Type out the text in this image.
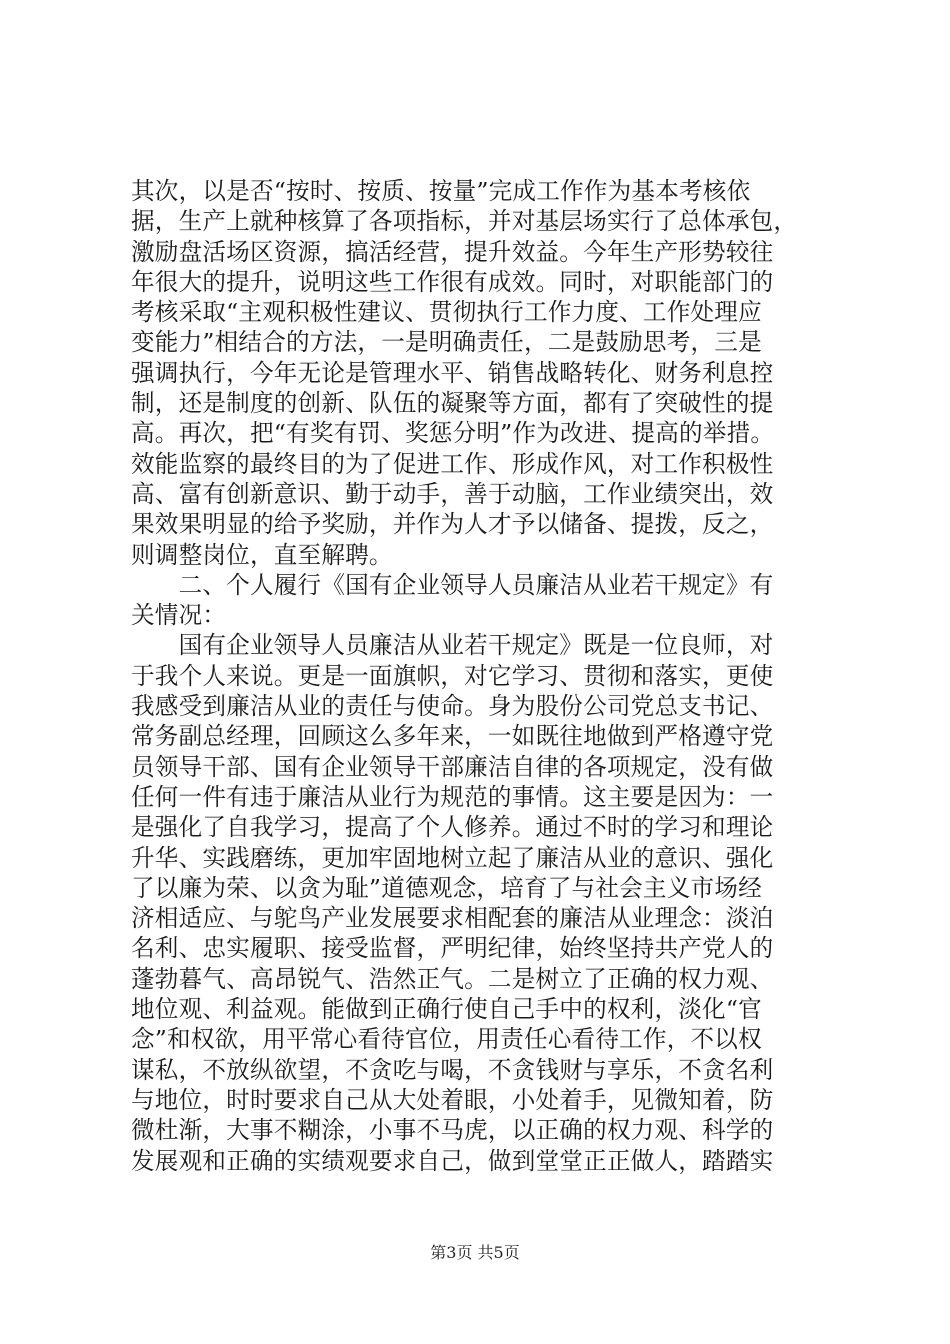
其次，以是否“按时、按质、按量”完成工作作为基本考核依
据，生产上就种核算了各项指标，并对基层场实行了总体承包，
激励盘活场区资源，搞活经营，提升效益。今年生产形势较往
年很大的提升，说明这些工作很有成效。同时，对职能部门的
考核采取“主观积极性建议、贯彻执行工作力度、工作处理应
变能力”相结合的方法，一是明确责任，二是鼓励思考，三是
强调执行，今年无论是管理水平、销售战略转化、财务利息控
制，还是制度的创新、队伍的凝聚等方面，都有了突破性的提
高。再次，把“有奖有罚、奖惩分明”作为改进、提高的举措。
效能监察的最终目的为了促进工作、形成作风，对工作积极性
高、富有创新意识、勤于动手，善于动脑，工作业绩突出，效
果效果明显的给予奖励，并作为人才予以储备、提拨，反之，
则调整岗位，直至解聘。
　　二、个人履行《国有企业领导人员廉洁从业若干规定》有
关情况：
　　国有企业领导人员廉洁从业若干规定》既是一位良师，对
于我个人来说。更是一面旗帜，对它学习、贯彻和落实，更使
我感受到廉洁从业的责任与使命。身为股份公司党总支书记、
常务副总经理，回顾这么多年来，一如既往地做到严格遵守党
员领导干部、国有企业领导干部廉洁自律的各项规定，没有做
任何一件有违于廉洁从业行为规范的事情。这主要是因为：一
是强化了自我学习，提高了个人修养。通过不时的学习和理论
升华、实践磨练，更加牢固地树立起了廉洁从业的意识、强化
了以廉为荣、以贪为耻”道德观念，培育了与社会主义市场经
济相适应、与鸵鸟产业发展要求相配套的廉洁从业理念：淡泊
名利、忠实履职、接受监督，严明纪律，始终坚持共产党人的
蓬勃暮气、高昂锐气、浩然正气。二是树立了正确的权力观、
地位观、利益观。能做到正确行使自己手中的权利，淡化“官
念”和权欲，用平常心看待官位，用责任心看待工作，不以权
谋私，不放纵欲望，不贪吃与喝，不贪钱财与享乐，不贪名利
与地位，时时要求自己从大处着眼，小处着手，见微知着，防
微杜渐，大事不糊涂，小事不马虎，以正确的权力观、科学的
发展观和正确的实绩观要求自己，做到堂堂正正做人，踏踏实
第3页 共5页
